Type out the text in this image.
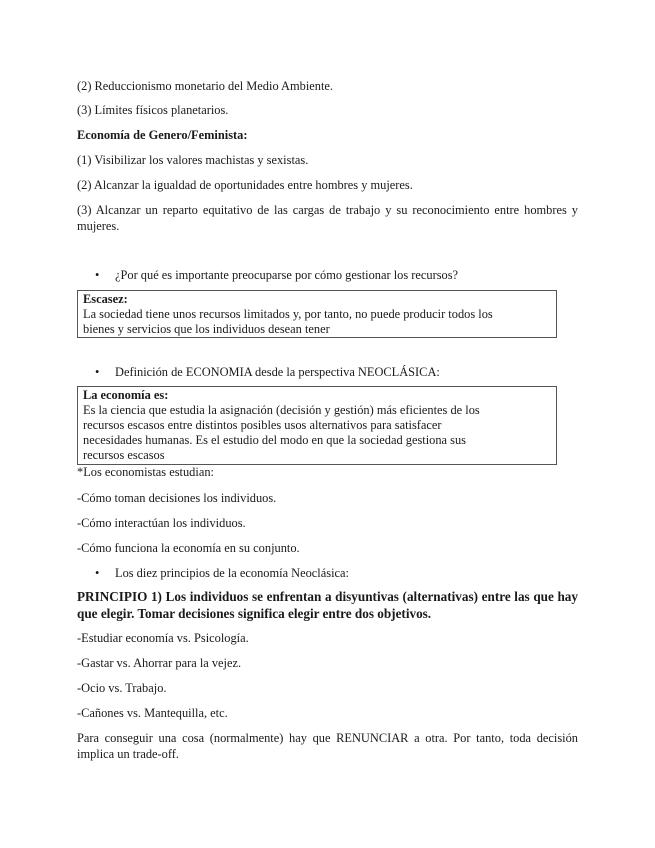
(2) Reduccionismo monetario del Medio Ambiente.
(3) Límites físicos planetarios.
Economía de Genero/Feminista:
(1) Visibilizar los valores machistas y sexistas.
(2) Alcanzar la igualdad de oportunidades entre hombres y mujeres.
(3) Alcanzar un reparto equitativo de las cargas de trabajo y su reconocimiento entre hombres y mujeres.
• ¿Por qué es importante preocuparse por cómo gestionar los recursos?
Escasez:
La sociedad tiene unos recursos limitados y, por tanto, no puede producir todos los
bienes y servicios que los individuos desean tener
• Definición de ECONOMIA desde la perspectiva NEOCLÁSICA:
La economía es:
Es la ciencia que estudia la asignación (decisión y gestión) más eficientes de los
recursos escasos entre distintos posibles usos alternativos para satisfacer
necesidades humanas. Es el estudio del modo en que la sociedad gestiona sus
recursos escasos
*Los economistas estudian:
-Cómo toman decisiones los individuos.
-Cómo interactúan los individuos.
-Cómo funciona la economía en su conjunto.
• Los diez principios de la economía Neoclásica:
PRINCIPIO 1) Los individuos se enfrentan a disyuntivas (alternativas) entre las que hay que elegir. Tomar decisiones significa elegir entre dos objetivos.
-Estudiar economía vs. Psicología.
-Gastar vs. Ahorrar para la vejez.
-Ocio vs. Trabajo.
-Cañones vs. Mantequilla, etc.
Para conseguir una cosa (normalmente) hay que RENUNCIAR a otra. Por tanto, toda decisión implica un trade-off.
